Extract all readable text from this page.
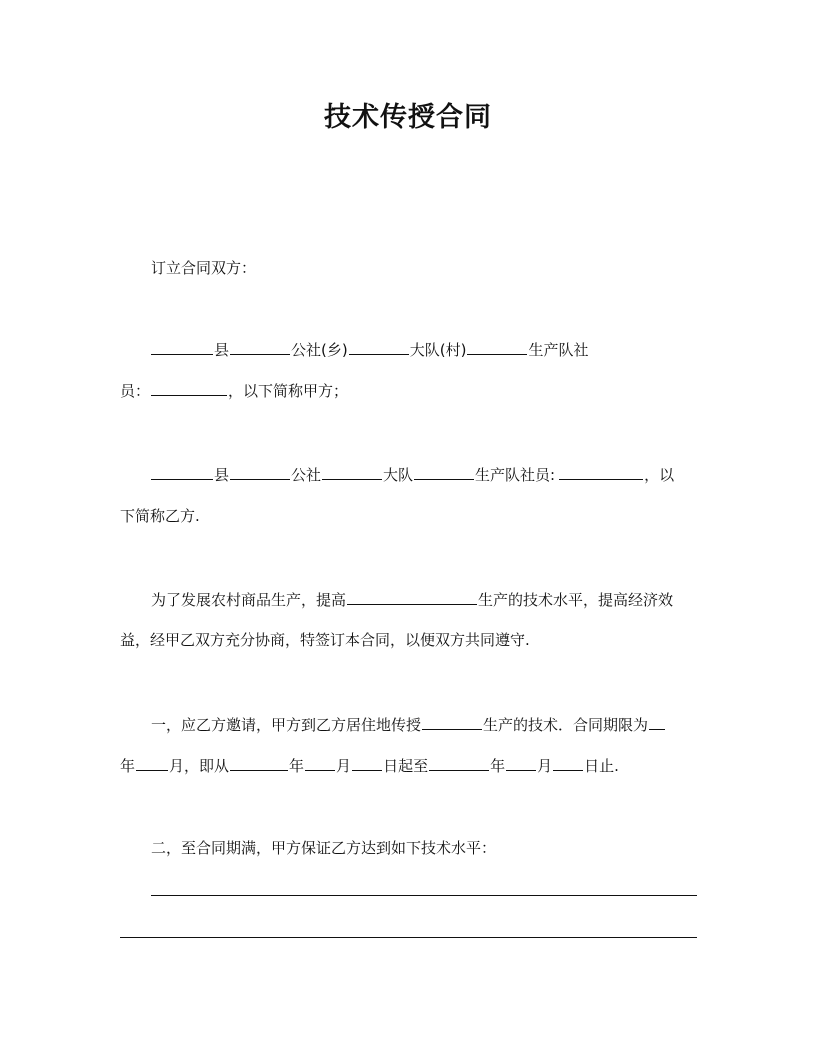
技术传授合同
订立合同双方：
县	公社(乡)	大队(村)	生产队社
员：	，以下简称甲方；
县	公社	大队	生产队社员:	，以
下简称乙方.
为了发展农村商品生产，提高	生产的技术水平，提高经济效
益，经甲乙双方充分协商，特签订本合同，以便双方共同遵守.
一，应乙方邀请，甲方到乙方居住地传授	生产的技术．合同期限为
年 月，即从	年 月 日起至	年 月 日止.
二，至合同期满，甲方保证乙方达到如下技术水平：
